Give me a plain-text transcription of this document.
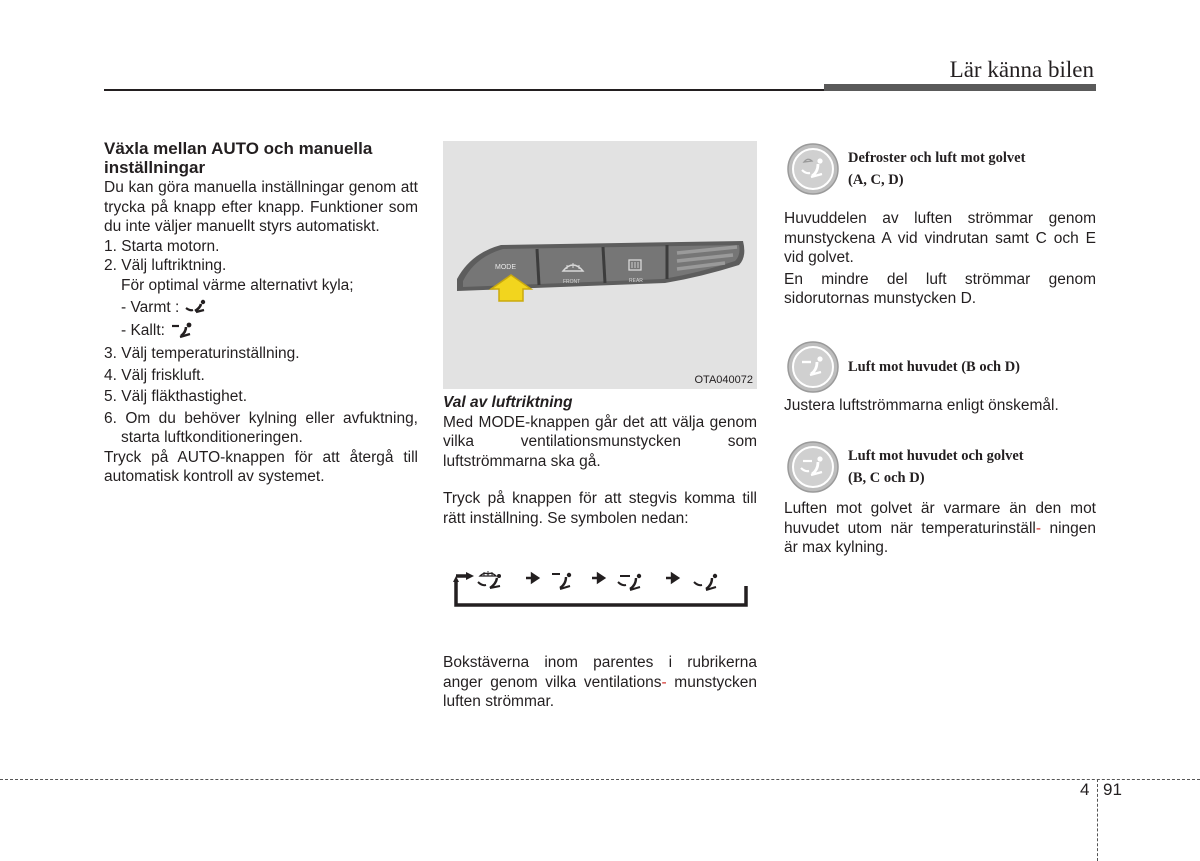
Lär känna bilen
Växla mellan AUTO och manuella inställningar
Du kan göra manuella inställningar genom att trycka på knapp efter knapp. Funktioner som du inte väljer manuellt styrs automatiskt.
1. Starta motorn.
2. Välj luftriktning.
För optimal värme alternativt kyla;
- Varmt :
- Kallt:
3. Välj temperaturinställning.
4. Välj friskluft.
5. Välj fläkthastighet.
6. Om du behöver kylning eller avfuktning, starta luftkonditioneringen.
Tryck på AUTO-knappen för att återgå till automatisk kontroll av systemet.
MODE
FRONT	REAR
OTA040072
Val av luftriktning
Med MODE-knappen går det att välja genom vilka ventilationsmunstycken som luftströmmarna ska gå.
Tryck på knappen för att stegvis komma till rätt inställning. Se symbolen nedan:
Bokstäverna inom parentes i rubrikerna anger genom vilka ventilations- munstycken luften strömmar.
Defroster och luft mot golvet
(A, C, D)
Huvuddelen av luften strömmar genom munstyckena A vid vindrutan samt C och E vid golvet.
En mindre del luft strömmar genom sidorutornas munstycken D.
Luft mot huvudet (B och D)
Justera luftströmmarna enligt önskemål.
Luft mot huvudet och golvet
(B, C och D)
Luften mot golvet är varmare än den mot huvudet utom när temperaturinställ- ningen är max kylning.
4 91
